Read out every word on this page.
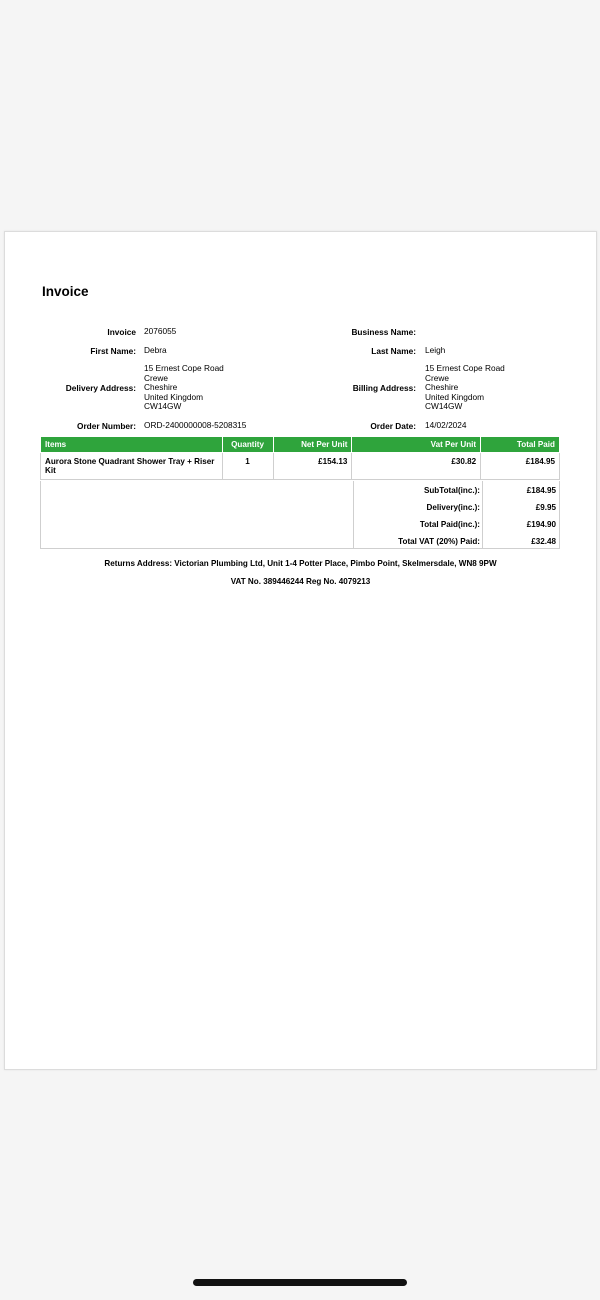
Invoice
Invoice 2076055	Business Name:
First Name: Debra	Last Name: Leigh
Delivery Address:
15 Ernest Cope Road
Crewe
Cheshire
United Kingdom
CW14GW
Billing Address:
15 Ernest Cope Road
Crewe
Cheshire
United Kingdom
CW14GW
Order Number: ORD-2400000008-5208315	Order Date: 14/02/2024
Items	Quantity	Net Per Unit	Vat Per Unit	Total Paid
Aurora Stone Quadrant Shower Tray + Riser Kit	1	£154.13	£30.82	£184.95
SubTotal(inc.):	£184.95
Delivery(inc.):	£9.95
Total Paid(inc.):	£194.90
Total VAT (20%) Paid:	£32.48
Returns Address: Victorian Plumbing Ltd, Unit 1-4 Potter Place, Pimbo Point, Skelmersdale, WN8 9PW
VAT No. 389446244 Reg No. 4079213
